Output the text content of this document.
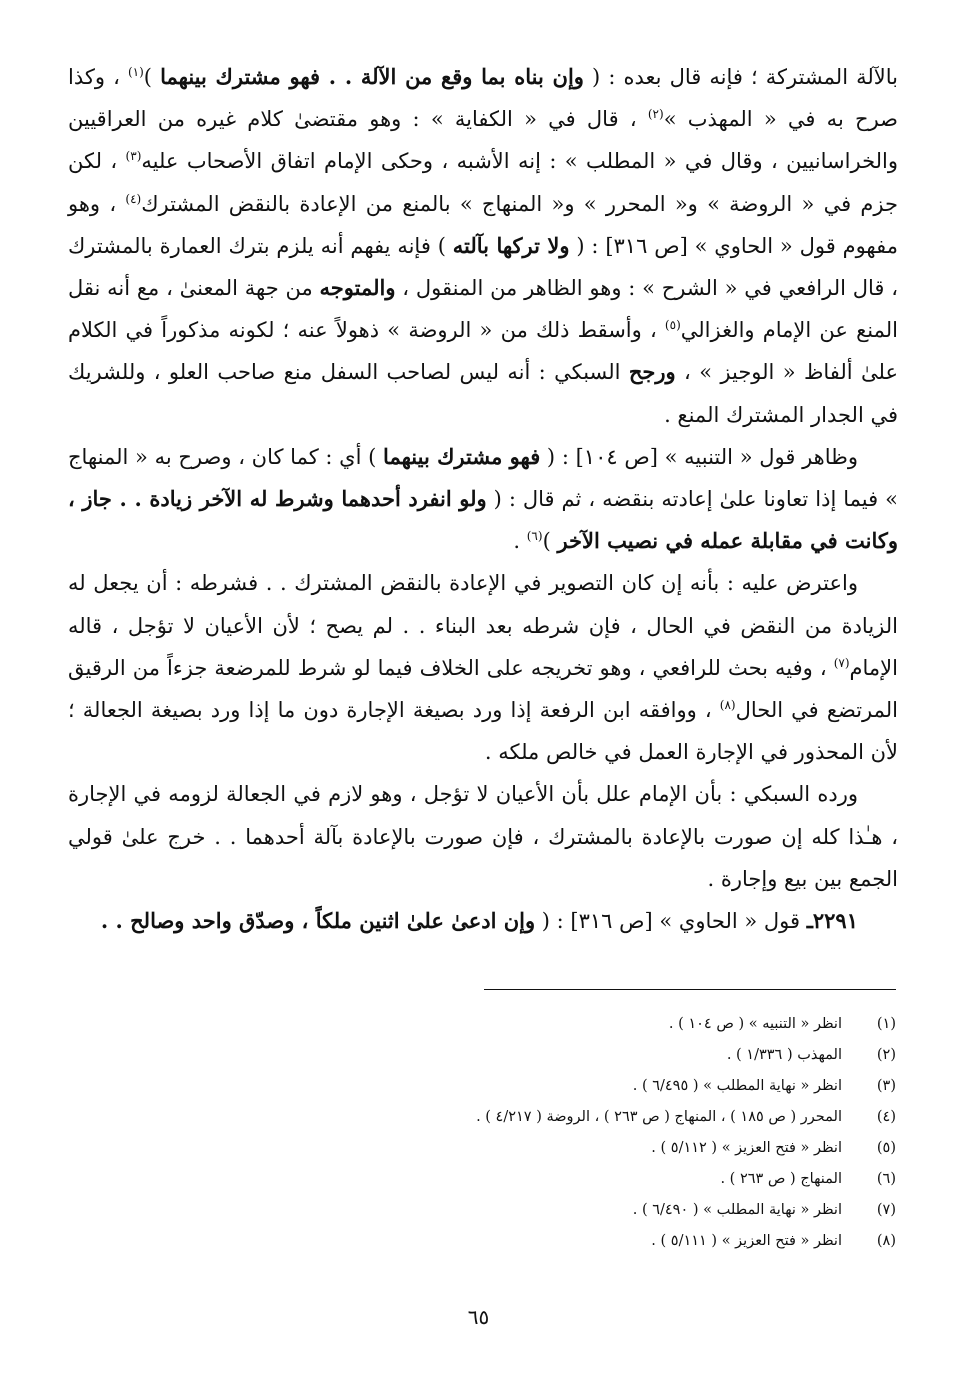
بالآلة المشتركة ؛ فإنه قال بعده : ( وإن بناه بما وقع من الآلة . . فهو مشترك بينهما )$^{(١)}$ ، وكذا صرح به في « المهذب »$^{(٢)}$ ، قال في « الكفاية » : وهو مقتضىٰ كلام غيره من العراقيين والخراسانيين ، وقال في « المطلب » : إنه الأشبه ، وحكى الإمام اتفاق الأصحاب عليه$^{(٣)}$ ، لكن جزم في « الروضة » و« المحرر » و« المنهاج » بالمنع من الإعادة بالنقض المشترك$^{(٤)}$ ، وهو مفهوم قول « الحاوي » [ص ٣١٦] : ( ولا تركها بآلته ) فإنه يفهم أنه يلزم بترك العمارة بالمشترك ، قال الرافعي في « الشرح » : وهو الظاهر من المنقول ، والمتوجه من جهة المعنىٰ ، مع أنه نقل المنع عن الإمام والغزالي$^{(٥)}$ ، وأسقط ذلك من « الروضة » ذهولاً عنه ؛ لكونه مذكوراً في الكلام علىٰ ألفاظ « الوجيز » ، ورجح السبكي : أنه ليس لصاحب السفل منع صاحب العلو ، وللشريك في الجدار المشترك المنع .

وظاهر قول « التنبيه » [ص ١٠٤] : ( فهو مشترك بينهما ) أي : كما كان ، وصرح به « المنهاج » فيما إذا تعاونا علىٰ إعادته بنقضه ، ثم قال : ( ولو انفرد أحدهما وشرط له الآخر زيادة . . جاز ، وكانت في مقابلة عمله في نصيب الآخر )$^{(٦)}$ .

واعترض عليه : بأنه إن كان التصوير في الإعادة بالنقض المشترك . . فشرطه : أن يجعل له الزيادة من النقض في الحال ، فإن شرطه بعد البناء . . لم يصح ؛ لأن الأعيان لا تؤجل ، قاله الإمام$^{(٧)}$ ، وفيه بحث للرافعي ، وهو تخريجه على الخلاف فيما لو شرط للمرضعة جزءاً من الرقيق المرتضع في الحال$^{(٨)}$ ، ووافقه ابن الرفعة إذا ورد بصيغة الإجارة دون ما إذا ورد بصيغة الجعالة ؛ لأن المحذور في الإجارة العمل في خالص ملكه .

ورده السبكي : بأن الإمام علل بأن الأعيان لا تؤجل ، وهو لازم في الجعالة لزومه في الإجارة ، هـٰذا كله إن صورت بالإعادة بالمشترك ، فإن صورت بالإعادة بآلة أحدهما . . خرج علىٰ قولي الجمع بين بيع وإجارة .

٢٢٩١ـ قول « الحاوي » [ص ٣١٦] : ( وإن ادعىٰ علىٰ اثنين ملكاً ، وصدّق واحد وصالح . .

(١)
انظر « التنبيه » ( ص ١٠٤ ) .
(٢)
المهذب ( ١/٣٣٦ ) .
(٣)
انظر « نهاية المطلب » ( ٦/٤٩٥ ) .
(٤)
المحرر ( ص ١٨٥ ) ، المنهاج ( ص ٢٦٣ ) ، الروضة ( ٤/٢١٧ ) .
(٥)
انظر « فتح العزيز » ( ٥/١١٢ ) .
(٦)
المنهاج ( ص ٢٦٣ ) .
(٧)
انظر « نهاية المطلب » ( ٦/٤٩٠ ) .
(٨)
انظر « فتح العزيز » ( ٥/١١١ ) .
٦٥
